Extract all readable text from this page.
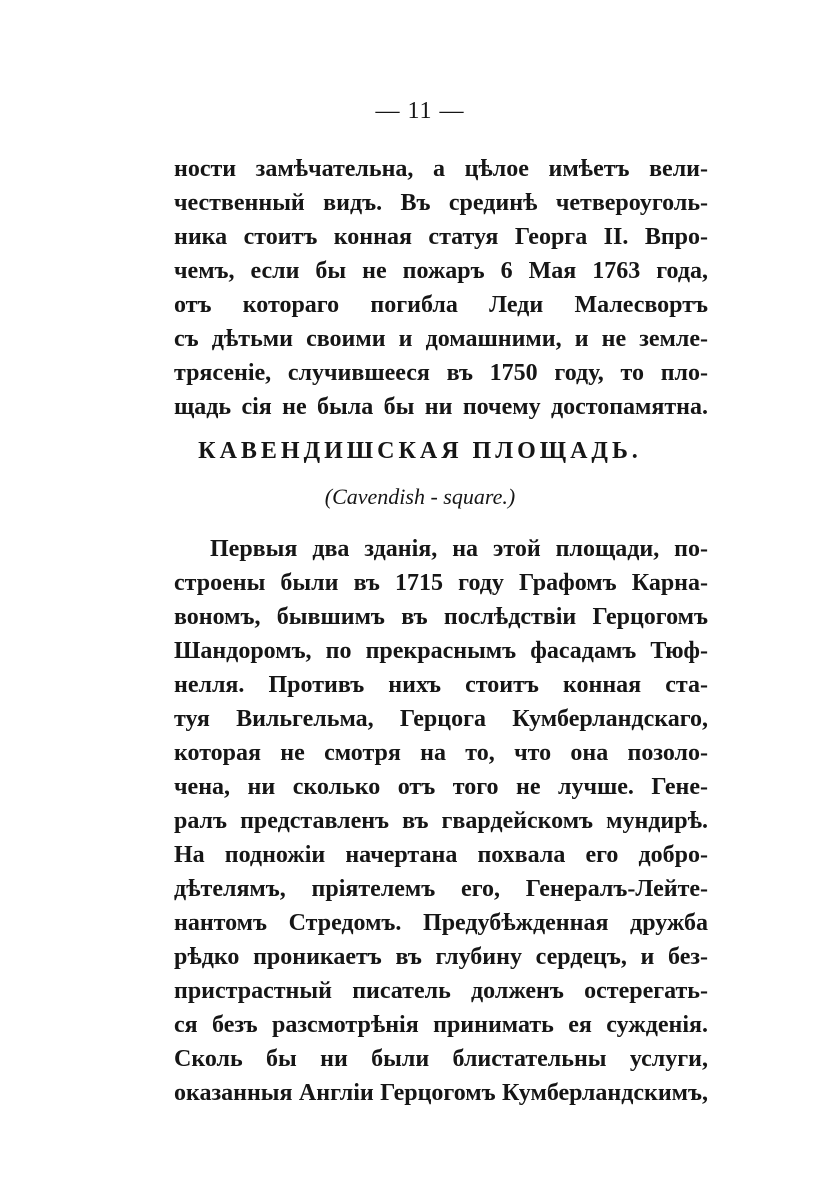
— 11 —
ности замѣчательна, а цѣлое имѣетъ вели-
чественный видъ. Въ срединѣ четвероуголь-
ника стоитъ конная статуя Георга II. Впро-
чемъ, если бы не пожаръ 6 Мая 1763 года,
отъ котораго погибла Леди Малесвортъ
съ дѣтьми своими и домашними, и не земле-
трясеніе, случившееся въ 1750 году, то пло-
щадь сія не была бы ни почему достопамятна.
КАВЕНДИШСКАЯ ПЛОЩАДЬ.
(Cavendish - square.)
Первыя два зданія, на этой площади, по-
строены были въ 1715 году Графомъ Карна-
вономъ, бывшимъ въ послѣдствіи Герцогомъ
Шандоромъ, по прекраснымъ фасадамъ Тюф-
нелля. Противъ нихъ стоитъ конная ста-
туя Вильгельма, Герцога Кумберландскаго,
которая не смотря на то, что она позоло-
чена, ни сколько отъ того не лучше. Гене-
ралъ представленъ въ гвардейскомъ мундирѣ.
На подножіи начертана похвала его добро-
дѣтелямъ, пріятелемъ его, Генералъ-Лейте-
нантомъ Стредомъ. Предубѣжденная дружба
рѣдко проникаетъ въ глубину сердецъ, и без-
пристрастный писатель долженъ остерегать-
ся безъ разсмотрѣнія принимать ея сужденія.
Сколь бы ни были блистательны услуги,
оказанныя Англіи Герцогомъ Кумберландскимъ,
